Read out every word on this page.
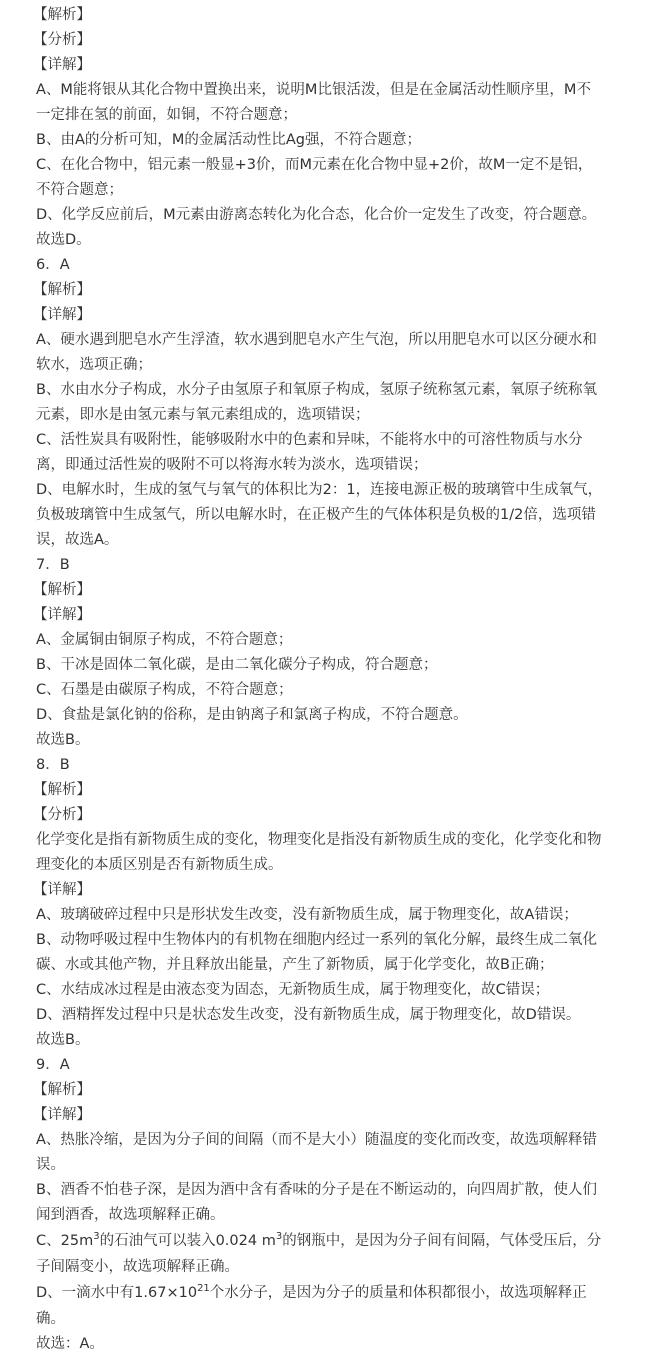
【解析】
【分析】
【详解】
A、M能将银从其化合物中置换出来，说明M比银活泼，但是在金属活动性顺序里，M不
一定排在氢的前面，如铜，不符合题意；
B、由A的分析可知，M的金属活动性比Ag强，不符合题意；
C、在化合物中，铝元素一般显+3价，而M元素在化合物中显+2价，故M一定不是铝，
不符合题意；
D、化学反应前后，M元素由游离态转化为化合态，化合价一定发生了改变，符合题意。
故选D。
6．A
【解析】
【详解】
A、硬水遇到肥皂水产生浮渣，软水遇到肥皂水产生气泡，所以用肥皂水可以区分硬水和
软水，选项正确；
B、水由水分子构成，水分子由氢原子和氧原子构成，氢原子统称氢元素，氧原子统称氧
元素，即水是由氢元素与氧元素组成的，选项错误；
C、活性炭具有吸附性，能够吸附水中的色素和异味，不能将水中的可溶性物质与水分
离，即通过活性炭的吸附不可以将海水转为淡水，选项错误；
D、电解水时，生成的氢气与氧气的体积比为2：1，连接电源正极的玻璃管中生成氧气，
负极玻璃管中生成氢气，所以电解水时，在正极产生的气体体积是负极的1/2倍，选项错
误，故选A。
7．B
【解析】
【详解】
A、金属铜由铜原子构成，不符合题意；
B、干冰是固体二氧化碳，是由二氧化碳分子构成，符合题意；
C、石墨是由碳原子构成，不符合题意；
D、食盐是氯化钠的俗称，是由钠离子和氯离子构成，不符合题意。
故选B。
8．B
【解析】
【分析】
化学变化是指有新物质生成的变化，物理变化是指没有新物质生成的变化，化学变化和物
理变化的本质区别是否有新物质生成。
【详解】
A、玻璃破碎过程中只是形状发生改变，没有新物质生成，属于物理变化，故A错误；
B、动物呼吸过程中生物体内的有机物在细胞内经过一系列的氧化分解，最终生成二氧化
碳、水或其他产物，并且释放出能量，产生了新物质，属于化学变化，故B正确；
C、水结成冰过程是由液态变为固态，无新物质生成，属于物理变化，故C错误；
D、酒精挥发过程中只是状态发生改变，没有新物质生成，属于物理变化，故D错误。
故选B。
9．A
【解析】
【详解】
A、热胀冷缩，是因为分子间的间隔（而不是大小）随温度的变化而改变，故选项解释错
误。
B、酒香不怕巷子深，是因为酒中含有香味的分子是在不断运动的，向四周扩散，使人们
闻到酒香，故选项解释正确。
C、$25m^3$的石油气可以装入0.024 $m^3$的钢瓶中，是因为分子间有间隔，气体受压后，分
子间隔变小，故选项解释正确。
D、一滴水中有$1.67\times 10^{21}$个水分子，是因为分子的质量和体积都很小，故选项解释正
确。
故选：A。
